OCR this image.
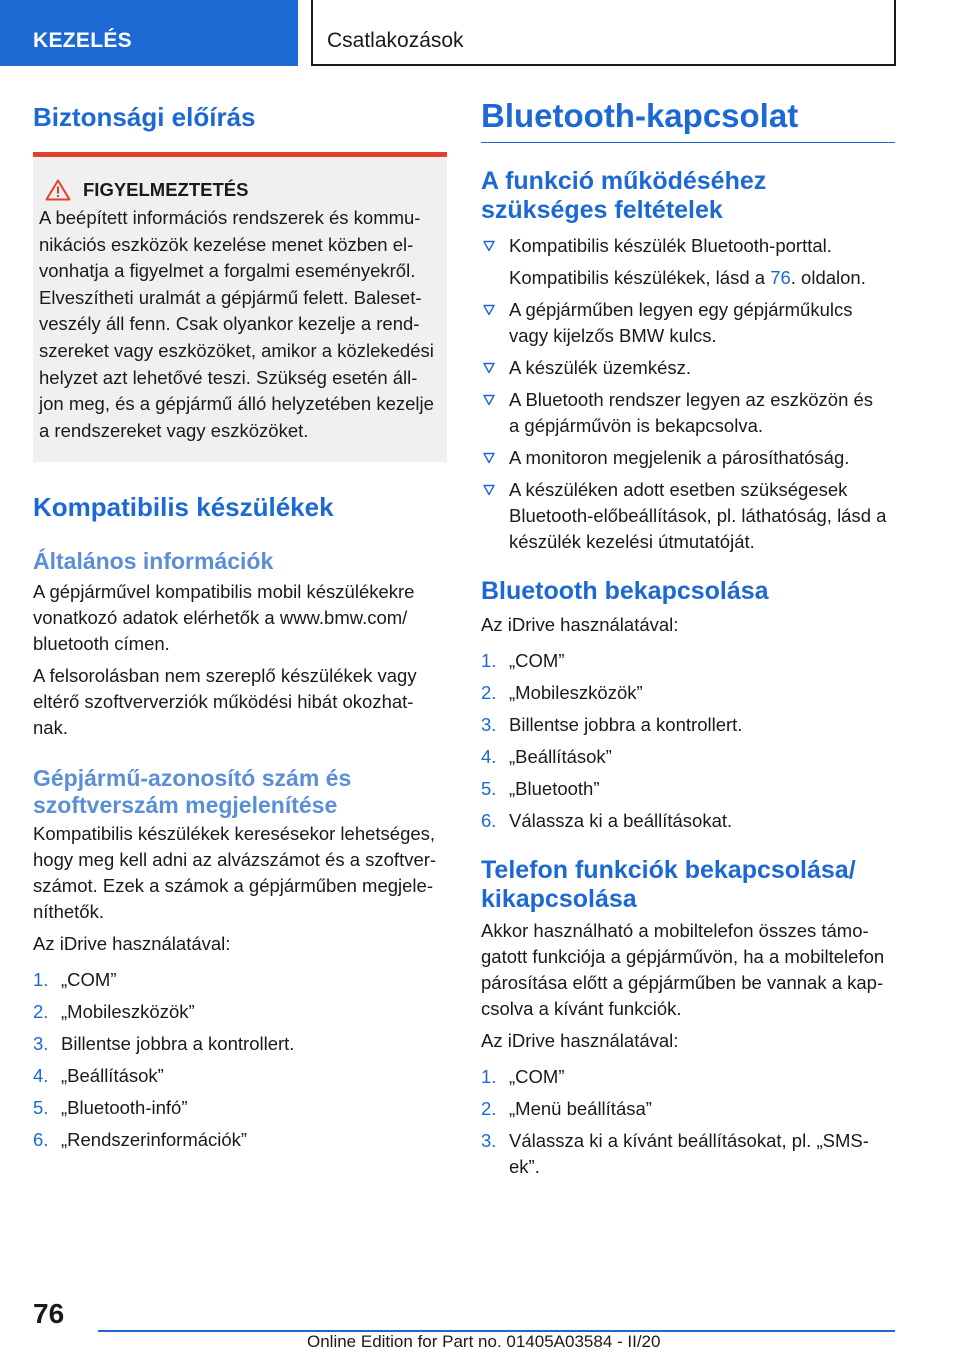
KEZELÉS	Csatlakozások
Biztonsági előírás
FIGYELMEZTETÉS
A beépített információs rendszerek és kommu-
nikációs eszközök kezelése menet közben el-
vonhatja a figyelmet a forgalmi eseményekről.
Elveszítheti uralmát a gépjármű felett. Baleset-
veszély áll fenn. Csak olyankor kezelje a rend-
szereket vagy eszközöket, amikor a közlekedési
helyzet azt lehetővé teszi. Szükség esetén áll-
jon meg, és a gépjármű álló helyzetében kezelje
a rendszereket vagy eszközöket.
Kompatibilis készülékek
Általános információk

A gépjárművel kompatibilis mobil készülékekre
vonatkozó adatok elérhetők a www.bmw.com/
bluetooth címen.

A felsorolásban nem szereplő készülékek vagy
eltérő szoftververziók működési hibát okozhat-
nak.

Gépjármű-azonosító szám és
szoftverszám megjelenítése

Kompatibilis készülékek keresésekor lehetséges,
hogy meg kell adni az alvázszámot és a szoftver-
számot. Ezek a számok a gépjárműben megjele-
níthetők.

Az iDrive használatával:

1. „COM”
2. „Mobileszközök”
3. Billentse jobbra a kontrollert.
4. „Beállítások”
5. „Bluetooth-infó”
6. „Rendszerinformációk”
Bluetooth-kapcsolat
A funkció működéséhez
szükséges feltételek
Kompatibilis készülék Bluetooth-porttal.
Kompatibilis készülékek, lásd a 76. oldalon.
A gépjárműben legyen egy gépjárműkulcs
vagy kijelzős BMW kulcs.
A készülék üzemkész.
A Bluetooth rendszer legyen az eszközön és
a gépjárművön is bekapcsolva.
A monitoron megjelenik a párosíthatóság.
A készüléken adott esetben szükségesek
Bluetooth-előbeállítások, pl. láthatóság, lásd a
készülék kezelési útmutatóját.
Bluetooth bekapcsolása

Az iDrive használatával:

1. „COM”
2. „Mobileszközök”
3. Billentse jobbra a kontrollert.
4. „Beállítások”
5. „Bluetooth”
6. Válassza ki a beállításokat.
Telefon funkciók bekapcsolása/
kikapcsolása

Akkor használható a mobiltelefon összes támo-
gatott funkciója a gépjárművön, ha a mobiltelefon
párosítása előtt a gépjárműben be vannak a kap-
csolva a kívánt funkciók.

Az iDrive használatával:

1. „COM”
2. „Menü beállítása”
3. Válassza ki a kívánt beállításokat, pl. „SMS-
ek”.
76
Online Edition for Part no. 01405A03584 - II/20
